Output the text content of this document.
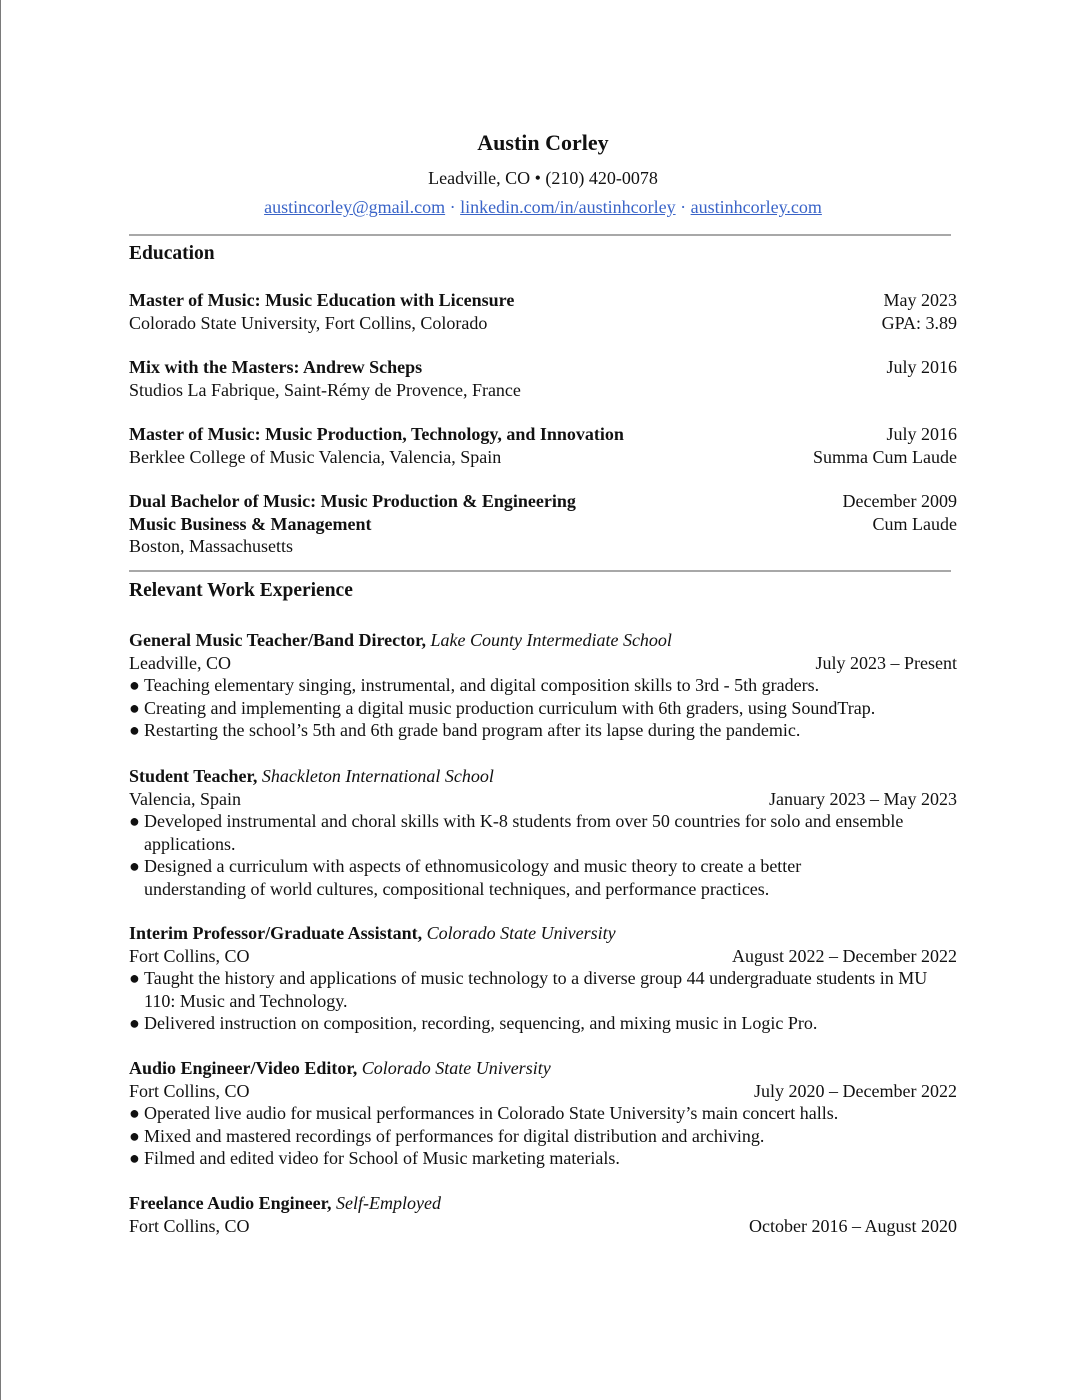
Austin Corley
Leadville, CO • (210) 420-0078
austincorley@gmail.com · linkedin.com/in/austinhcorley · austinhcorley.com
Education
Master of Music: Music Education with Licensure	May 2023
Colorado State University, Fort Collins, Colorado	GPA: 3.89
Mix with the Masters: Andrew Scheps	July 2016
Studios La Fabrique, Saint-Rémy de Provence, France
Master of Music: Music Production, Technology, and Innovation	July 2016
Berklee College of Music Valencia, Valencia, Spain	Summa Cum Laude
Dual Bachelor of Music: Music Production & Engineering	December 2009
Music Business & Management	Cum Laude
Boston, Massachusetts
Relevant Work Experience
General Music Teacher/Band Director, Lake County Intermediate School
Leadville, CO	July 2023 – Present
● Teaching elementary singing, instrumental, and digital composition skills to 3rd - 5th graders.
● Creating and implementing a digital music production curriculum with 6th graders, using SoundTrap.
● Restarting the school’s 5th and 6th grade band program after its lapse during the pandemic.
Student Teacher, Shackleton International School
Valencia, Spain	January 2023 – May 2023
● Developed instrumental and choral skills with K-8 students from over 50 countries for solo and ensemble applications.
● Designed a curriculum with aspects of ethnomusicology and music theory to create a better understanding of world cultures, compositional techniques, and performance practices.
Interim Professor/Graduate Assistant, Colorado State University
Fort Collins, CO	August 2022 – December 2022
● Taught the history and applications of music technology to a diverse group 44 undergraduate students in MU 110: Music and Technology.
● Delivered instruction on composition, recording, sequencing, and mixing music in Logic Pro.
Audio Engineer/Video Editor, Colorado State University
Fort Collins, CO	July 2020 – December 2022
● Operated live audio for musical performances in Colorado State University’s main concert halls.
● Mixed and mastered recordings of performances for digital distribution and archiving.
● Filmed and edited video for School of Music marketing materials.
Freelance Audio Engineer, Self-Employed
Fort Collins, CO	October 2016 – August 2020
